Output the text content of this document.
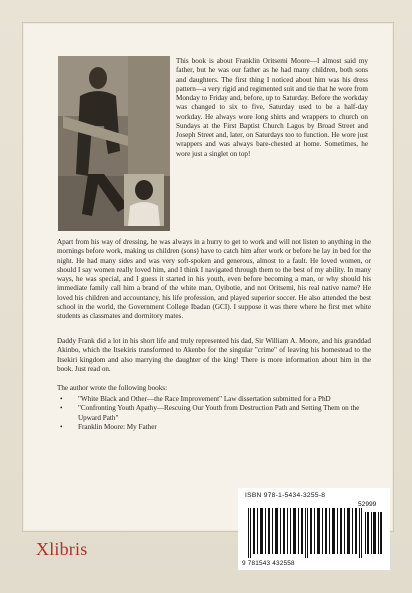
This book is about Franklin Oritsemi Moore—I almost said my father, but he was our father as he had many children, both sons and daughters. The first thing I noticed about him was his dress pattern—a very rigid and regimented suit and tie that he wore from Monday to Friday and, before, up to Saturday. Before the workday was changed to six to five, Saturday used to be a half-day workday. He always wore long shirts and wrappers to church on Sundays at the First Baptist Church Lagos by Broad Street and Joseph Street and, later, on Saturdays too to function. He wore just wrappers and was always bare-chested at home. Sometimes, he wore just a singlet on top!
Apart from his way of dressing, he was always in a hurry to get to work and will not listen to anything in the mornings before work, making us children (sons) have to catch him after work or before he lay in bed for the night. He had many sides and was very soft-spoken and generous, almost to a fault. He loved women, or should I say women really loved him, and I think I navigated through them to the best of my ability. In many ways, he was special, and I guess it started in his youth, even before becoming a man, or why should his immediate family call him a brand of the white man, Oyibotie, and not Oritsemi, his real native name? He loved his children and accountancy, his life profession, and played superior soccer. He also attended the best school in the world, the Government College Ibadan (GCI). I suppose it was there where he first met white students as classmates and dormitory mates.
Daddy Frank did a lot in his short life and truly represented his dad, Sir William A. Moore, and his granddad Akinbo, which the Itsekiris transformed to Akenbo for the singular "crime" of leaving his homestead to the Itsekiri kingdom and also marrying the daughter of the king! There is more information about him in the book. Just read on.
The author wrote the following books:
• "White Black and Other—the Race Improvement" Law dissertation submitted for a PhD
• "Confronting Youth Apathy—Rescuing Our Youth from Destruction Path and Setting Them on the Upward Path"
• Franklin Moore: My Father
Xlibris
ISBN 978-1-5434-3255-8
52999
9 781543 432558
